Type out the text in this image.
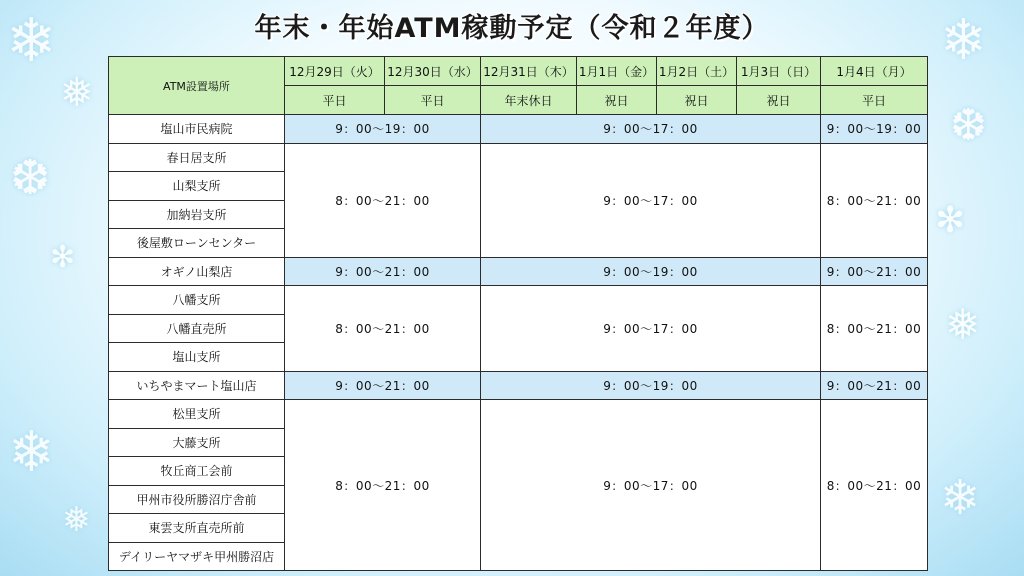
❄
❅
❆
✻
❄
❅
❄
❆
✻
❅
❄
年末・年始ATM稼動予定（令和２年度）
ATM設置場所	12月29日（火）	12月30日（水）	12月31日（木）	1月1日（金）	1月2日（土）	1月3日（日）	1月4日（月）
	平日	平日	年末休日	祝日	祝日	祝日	平日
塩山市民病院	9：00～19：00		9：00～17：00				9：00～19：00
春日居支所	8：00～21：00		9：00～17：00				8：00～21：00
山梨支所							
加納岩支所							
後屋敷ローンセンター							
オギノ山梨店	9：00～21：00		9：00～19：00				9：00～21：00
八幡支所	8：00～21：00		9：00～17：00				8：00～21：00
八幡直売所							
塩山支所							
いちやまマート塩山店	9：00～21：00		9：00～19：00				9：00～21：00
松里支所	8：00～21：00		9：00～17：00				8：00～21：00
大藤支所							
牧丘商工会前							
甲州市役所勝沼庁舎前							
東雲支所直売所前							
デイリーヤマザキ甲州勝沼店							
